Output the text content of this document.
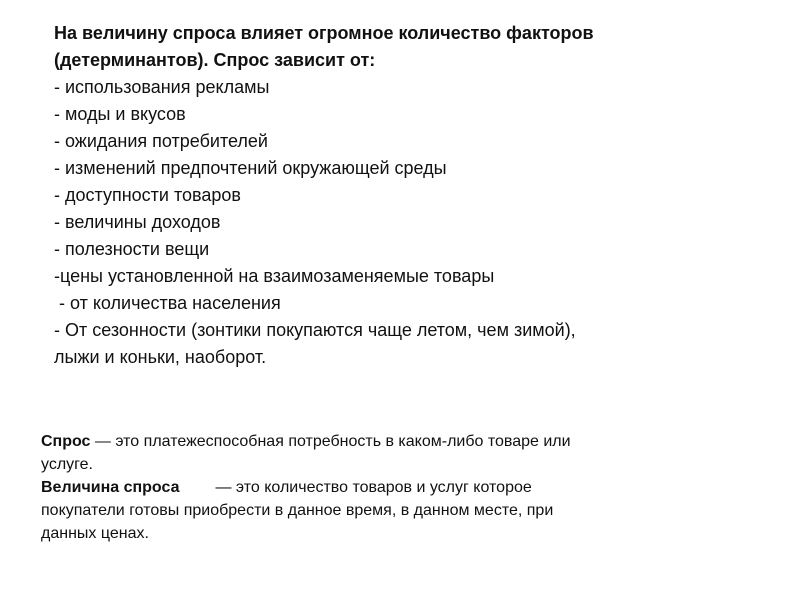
На величину спроса влияет огромное количество факторов
(детерминантов). Спрос зависит от:
- использования рекламы
- моды и вкусов
- ожидания потребителей
- изменений предпочтений окружающей среды
- доступности товаров
- величины доходов
- полезности вещи
-цены установленной на взаимозаменяемые товары
- от количества населения
- От сезонности (зонтики покупаются чаще летом, чем зимой),
лыжи и коньки, наоборот.
Спрос — это платежеспособная потребность в каком-либо товаре или
услуге.
Величина спроса — это количество товаров и услуг которое
покупатели готовы приобрести в данное время, в данном месте, при
данных ценах.
